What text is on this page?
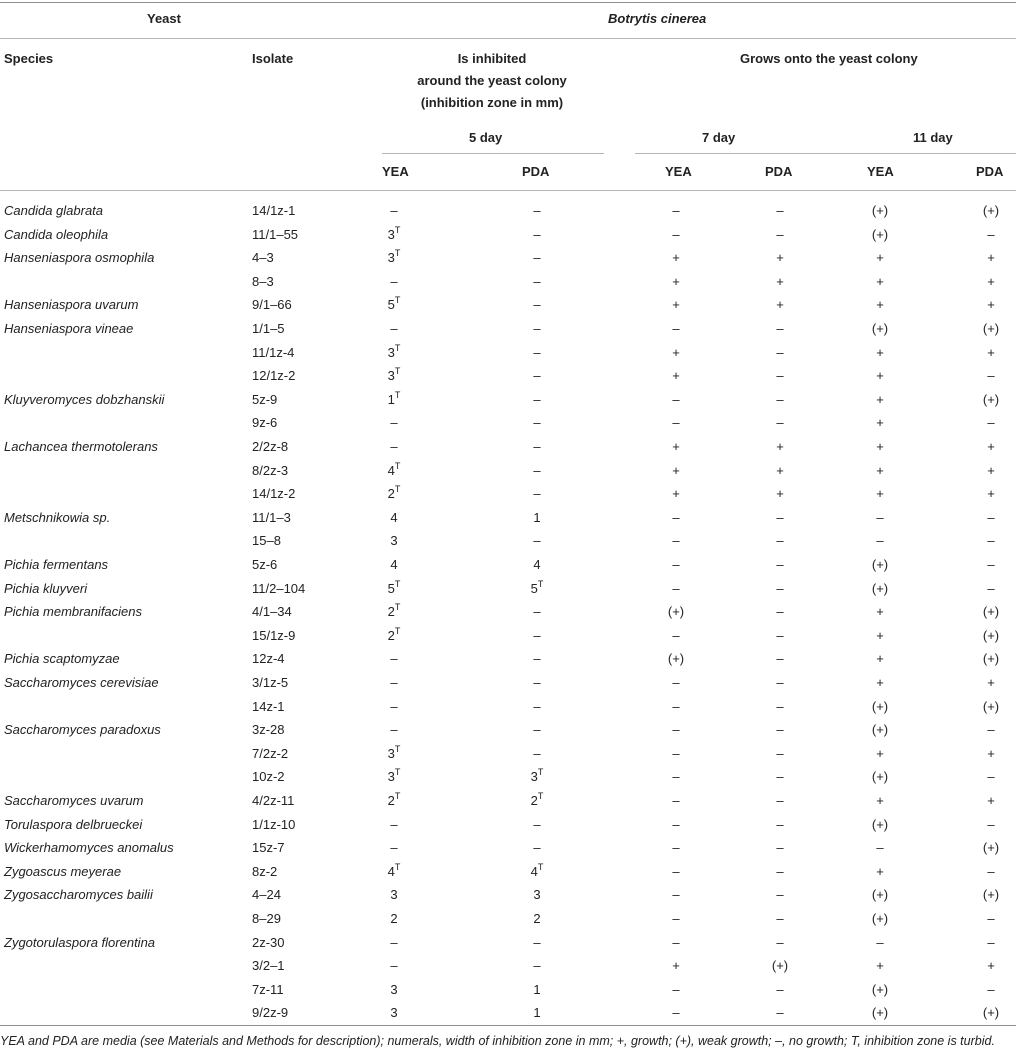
Yeast	Botrytis cinerea
Species	Isolate	Is inhibited
around the yeast colony
(inhibition zone in mm)
Grows onto the yeast colony
5 day	7 day	11 day
YEA	PDA	YEA	PDA	YEA	PDA
Candida glabrata	14/1z-1	–	–	–	–	(+)	(+)
Candida oleophila	11/1–55	$3^T$	–	–	–	(+)	–
Hanseniaspora osmophila	4–3	$3^T$	–	+	+	+	+
8–3	–	–	+	+	+	+
Hanseniaspora uvarum	9/1–66	$5^T$	–	+	+	+	+
Hanseniaspora vineae	1/1–5	–	–	–	–	(+)	(+)
11/1z-4	$3^T$	–	+	–	+	+
12/1z-2	$3^T$	–	+	–	+	–
Kluyveromyces dobzhanskii	5z-9	$1^T$	–	–	–	+	(+)
9z-6	–	–	–	–	+	–
Lachancea thermotolerans	2/2z-8	–	–	+	+	+	+
8/2z-3	$4^T$	–	+	+	+	+
14/1z-2	$2^T$	–	+	+	+	+
Metschnikowia sp.	11/1–3	4	1	–	–	–	–
15–8	3	–	–	–	–	–
Pichia fermentans	5z-6	4	4	–	–	(+)	–
Pichia kluyveri	11/2–104	$5^T$	$5^T$	–	–	(+)	–
Pichia membranifaciens	4/1–34	$2^T$	–	(+)	–	+	(+)
15/1z-9	$2^T$	–	–	–	+	(+)
Pichia scaptomyzae	12z-4	–	–	(+)	–	+	(+)
Saccharomyces cerevisiae	3/1z-5	–	–	–	–	+	+
14z-1	–	–	–	–	(+)	(+)
Saccharomyces paradoxus	3z-28	–	–	–	–	(+)	–
7/2z-2	$3^T$	–	–	–	+	+
10z-2	$3^T$	$3^T$	–	–	(+)	–
Saccharomyces uvarum	4/2z-11	$2^T$	$2^T$	–	–	+	+
Torulaspora delbrueckei	1/1z-10	–	–	–	–	(+)	–
Wickerhamomyces anomalus	15z-7	–	–	–	–	–	(+)
Zygoascus meyerae	8z-2	$4^T$	$4^T$	–	–	+	–
Zygosaccharomyces bailii	4–24	3	3	–	–	(+)	(+)
8–29	2	2	–	–	(+)	–
Zygotorulaspora florentina	2z-30	–	–	–	–	–	–
3/2–1	–	–	+	(+)	+	+
7z-11	3	1	–	–	(+)	–
9/2z-9	3	1	–	–	(+)	(+)
YEA and PDA are media (see Materials and Methods for description); numerals, width of inhibition zone in mm; +, growth; (+), weak growth; –, no growth; T, inhibition zone is turbid.
